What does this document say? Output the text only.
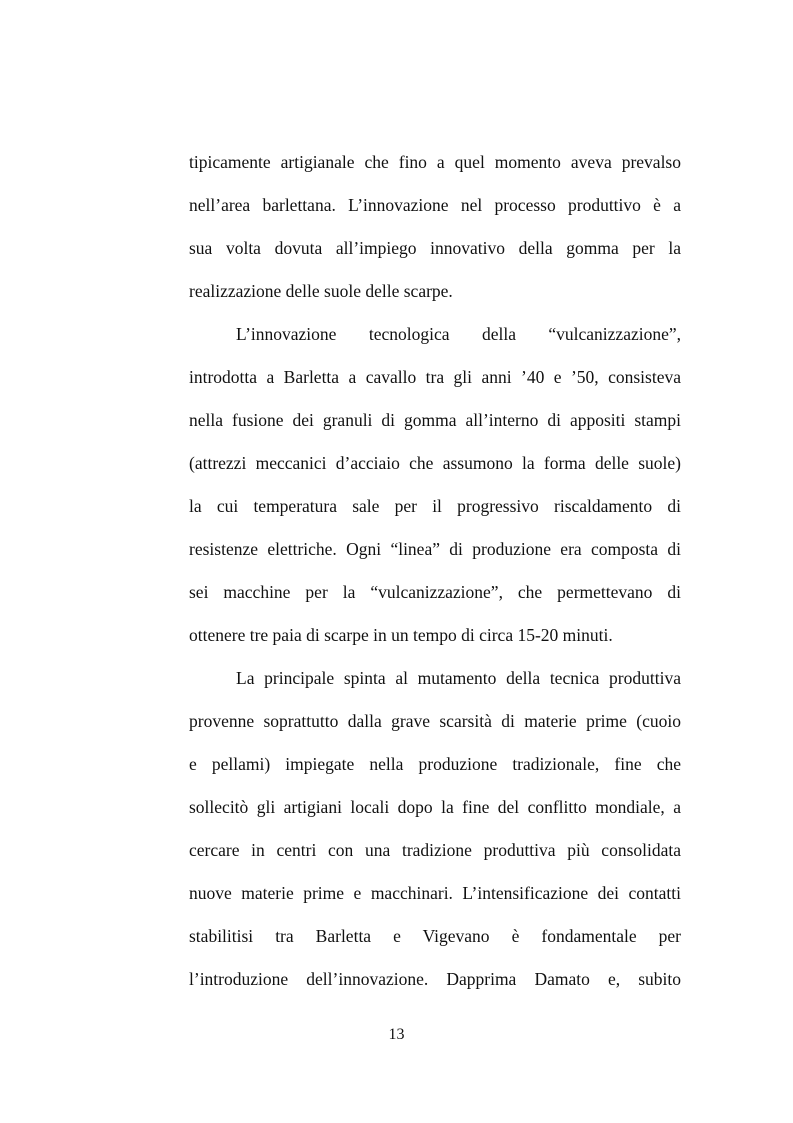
tipicamente artigianale che fino a quel momento aveva prevalso
nell’area barlettana. L’innovazione nel processo produttivo è a
sua volta dovuta all’impiego innovativo della gomma per la
realizzazione delle suole delle scarpe.
L’innovazione tecnologica della “vulcanizzazione”,
introdotta a Barletta a cavallo tra gli anni ’40 e ’50, consisteva
nella fusione dei granuli di gomma all’interno di appositi stampi
(attrezzi meccanici d’acciaio che assumono la forma delle suole)
la cui temperatura sale per il progressivo riscaldamento di
resistenze elettriche. Ogni “linea” di produzione era composta di
sei macchine per la “vulcanizzazione”, che permettevano di
ottenere tre paia di scarpe in un tempo di circa 15-20 minuti.
La principale spinta al mutamento della tecnica produttiva
provenne soprattutto dalla grave scarsità di materie prime (cuoio
e pellami) impiegate nella produzione tradizionale, fine che
sollecitò gli artigiani locali dopo la fine del conflitto mondiale, a
cercare in centri con una tradizione produttiva più consolidata
nuove materie prime e macchinari. L’intensificazione dei contatti
stabilitisi tra Barletta e Vigevano è fondamentale per
l’introduzione dell’innovazione. Dapprima Damato e, subito
13
